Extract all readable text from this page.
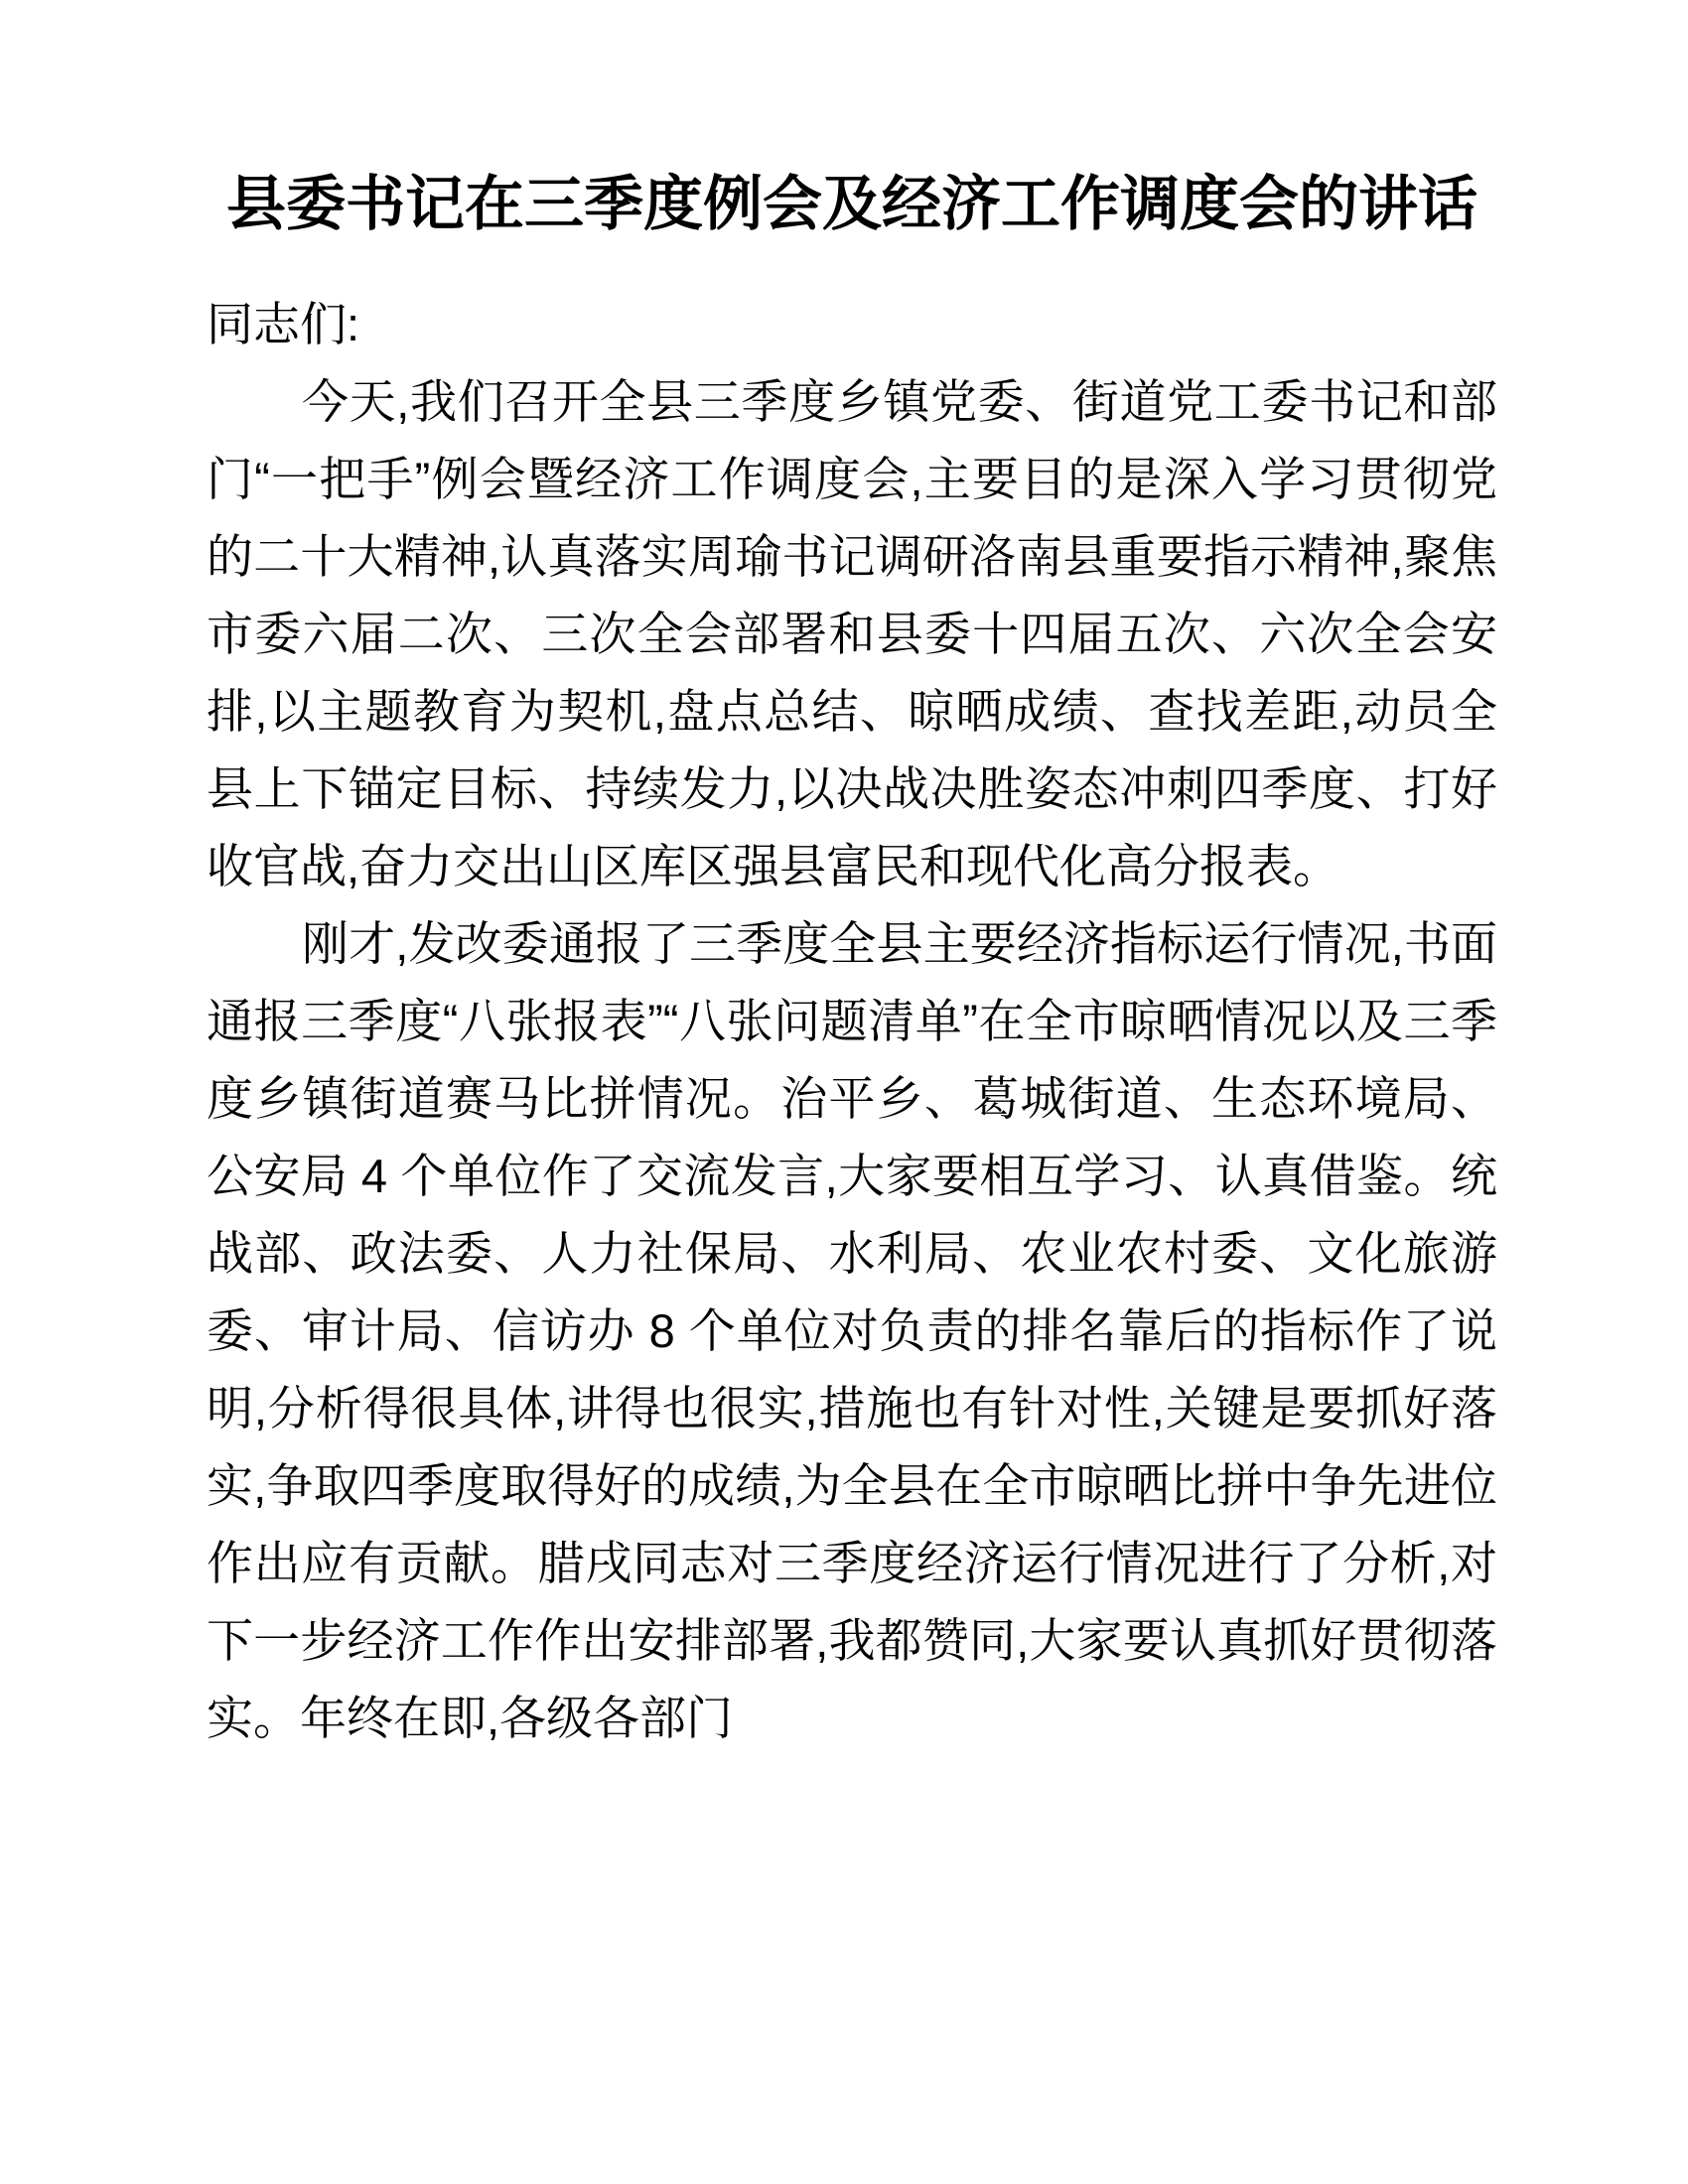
县委书记在三季度例会及经济工作调度会的讲话

同志们:

今天,我们召开全县三季度乡镇党委、街道党工委书记和部门“一把手”例会暨经济工作调度会,主要目的是深入学习贯彻党的二十大精神,认真落实周瑜书记调研洛南县重要指示精神,聚焦市委六届二次、三次全会部署和县委十四届五次、六次全会安排,以主题教育为契机,盘点总结、晾晒成绩、查找差距,动员全县上下锚定目标、持续发力,以决战决胜姿态冲刺四季度、打好收官战,奋力交出山区库区强县富民和现代化高分报表。

刚才,发改委通报了三季度全县主要经济指标运行情况,书面通报三季度“八张报表”“八张问题清单”在全市晾晒情况以及三季度乡镇街道赛马比拼情况。治平乡、葛城街道、生态环境局、公安局 4 个单位作了交流发言,大家要相互学习、认真借鉴。统战部、政法委、人力社保局、水利局、农业农村委、文化旅游委、审计局、信访办 8 个单位对负责的排名靠后的指标作了说明,分析得很具体,讲得也很实,措施也有针对性,关键是要抓好落实,争取四季度取得好的成绩,为全县在全市晾晒比拼中争先进位作出应有贡献。腊戌同志对三季度经济运行情况进行了分析,对下一步经济工作作出安排部署,我都赞同,大家要认真抓好贯彻落实。年终在即,各级各部门
